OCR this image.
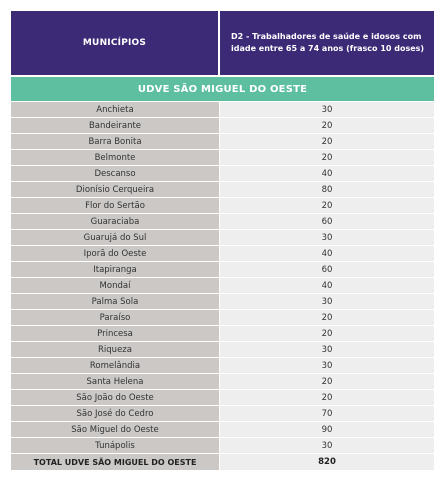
MUNICÍPIOS
D2 - Trabalhadores de saúde e idosos com idade entre 65 a 74 anos (frasco 10 doses)
UDVE SÃO MIGUEL DO OESTE
Anchieta	30
Bandeirante	20
Barra Bonita	20
Belmonte	20
Descanso	40
Dionísio Cerqueira	80
Flor do Sertão	20
Guaraciaba	60
Guarujá do Sul	30
Iporã do Oeste	40
Itapiranga	60
Mondaí	40
Palma Sola	30
Paraíso	20
Princesa	20
Riqueza	30
Romelândia	30
Santa Helena	20
São João do Oeste	20
São José do Cedro	70
São Miguel do Oeste	90
Tunápolis	30
TOTAL UDVE SÃO MIGUEL DO OESTE	820
